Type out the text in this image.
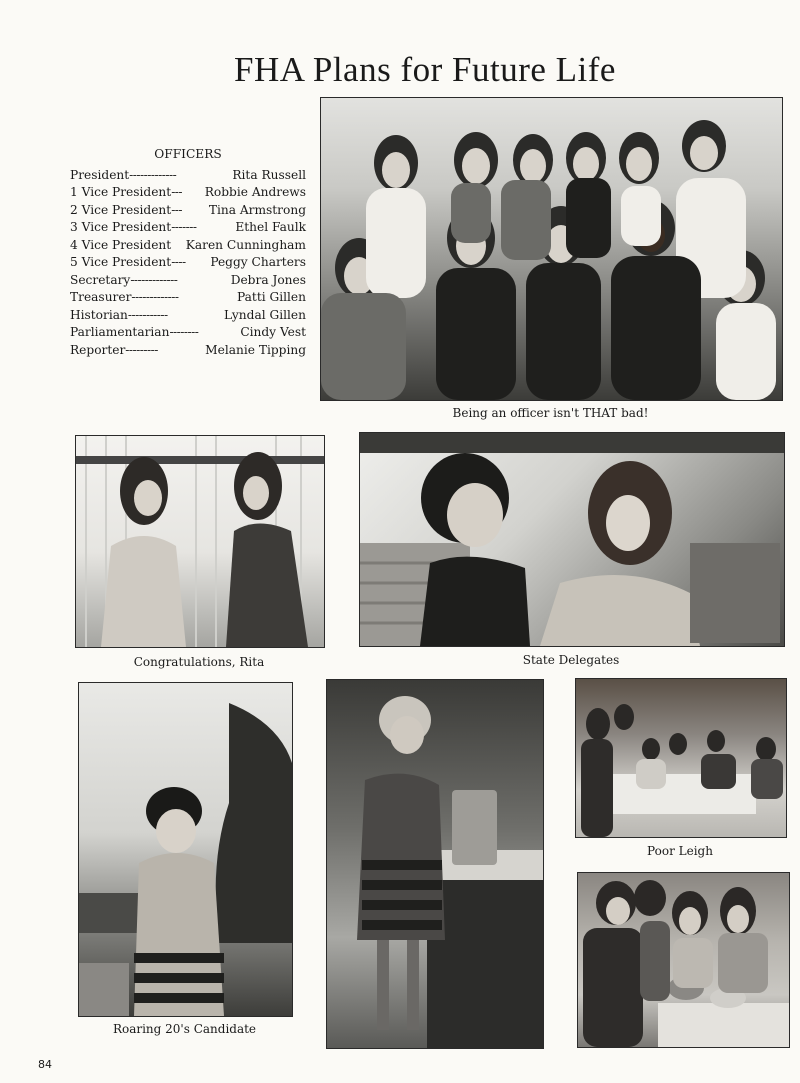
FHA Plans for Future Life
OFFICERS
President -------------	Rita Russell
1 Vice President ---	Robbie Andrews
2 Vice President ---	Tina Armstrong
3 Vice President -------	Ethel Faulk
4 Vice President Karen Cunningham
5 Vice President ----	Peggy Charters
Secretary -------------	Debra Jones
Treasurer -------------	Patti Gillen
Historian -----------	Lyndal Gillen
Parliamentarian --------	Cindy Vest
Reporter ---------	Melanie Tipping
Being an officer isn't THAT bad!
Congratulations, Rita	State Delegates
Roaring 20's Candidate
Poor Leigh
84
